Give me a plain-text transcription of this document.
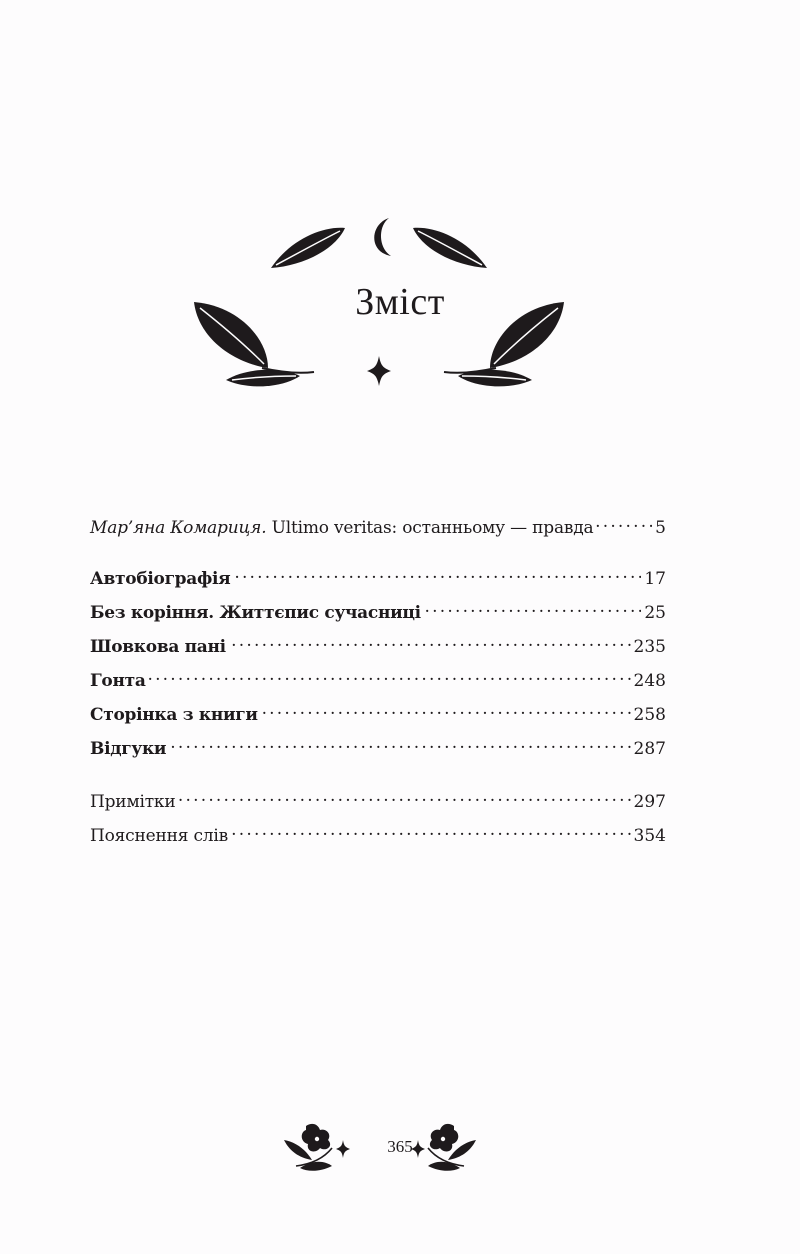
Зміст
Мар’яна Комариця. Ultimo veritas: останньому — правда . . .	5
Автобіографія . . .	17
Без коріння. Життєпис сучасниці . . .	25
Шовкова пані . . .	235
Гонта . . .	248
Сторінка з книги . . .	258
Відгуки . . .	287
Примітки . . .	297
Пояснення слів . . .	354
365
